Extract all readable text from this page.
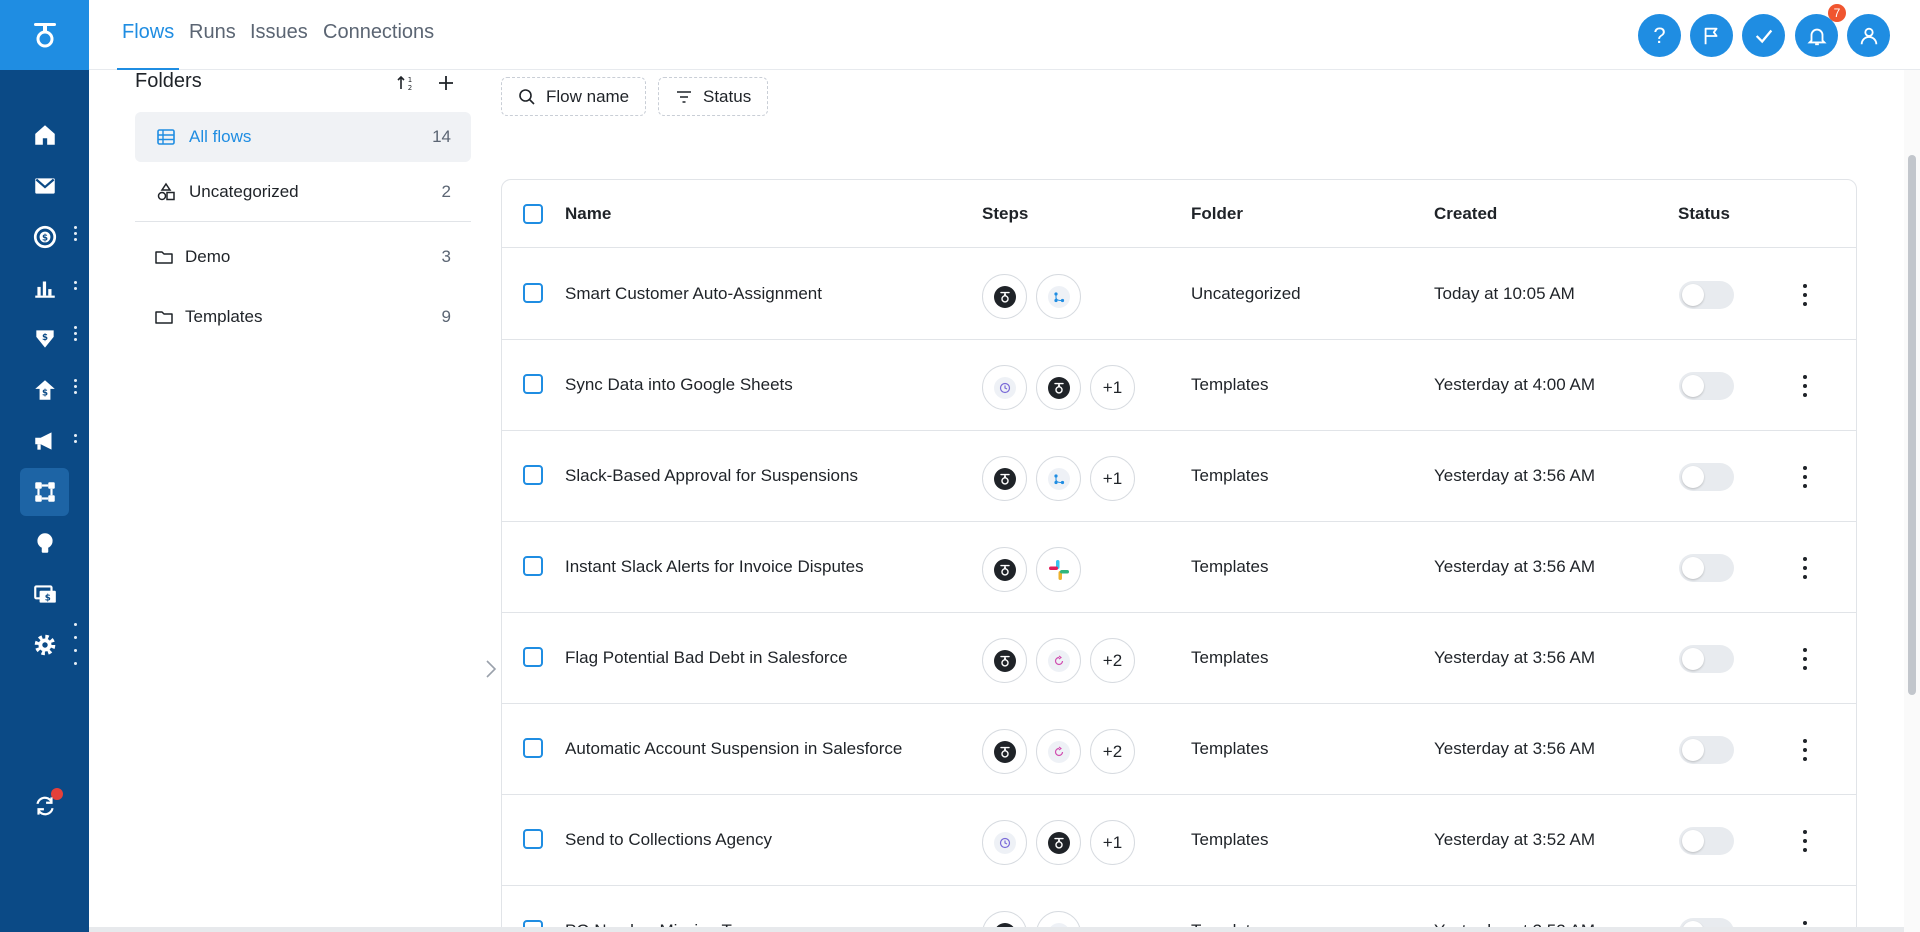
$
$
$
$
Flows Runs Issues Connections	?
7
Folders	1
2
All flows	14
Uncategorized	2
Demo	3
Templates	9
Flow name	Status
Name	Steps	Folder	Created	Status
Smart Customer Auto-Assignment	Uncategorized	Today at 10:05 AM
Sync Data into Google Sheets	+1	Templates	Yesterday at 4:00 AM
Slack-Based Approval for Suspensions	+1	Templates	Yesterday at 3:56 AM
Instant Slack Alerts for Invoice Disputes	Templates	Yesterday at 3:56 AM
Flag Potential Bad Debt in Salesforce	+2	Templates	Yesterday at 3:56 AM
Automatic Account Suspension in Salesforce	+2	Templates	Yesterday at 3:56 AM
Send to Collections Agency	+1	Templates	Yesterday at 3:52 AM
